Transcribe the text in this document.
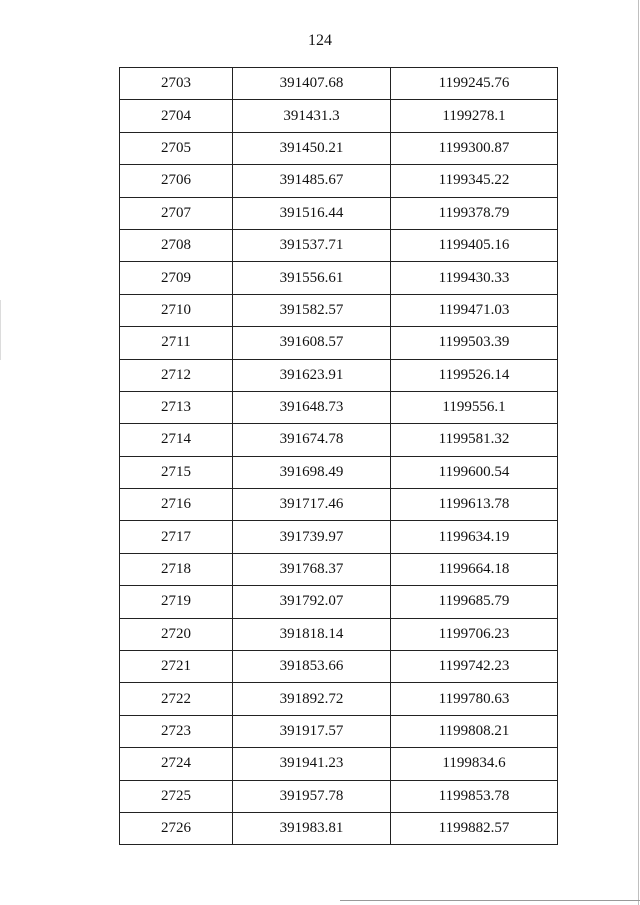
124
2703	391407.68	1199245.76
2704	391431.3	1199278.1
2705	391450.21	1199300.87
2706	391485.67	1199345.22
2707	391516.44	1199378.79
2708	391537.71	1199405.16
2709	391556.61	1199430.33
2710	391582.57	1199471.03
2711	391608.57	1199503.39
2712	391623.91	1199526.14
2713	391648.73	1199556.1
2714	391674.78	1199581.32
2715	391698.49	1199600.54
2716	391717.46	1199613.78
2717	391739.97	1199634.19
2718	391768.37	1199664.18
2719	391792.07	1199685.79
2720	391818.14	1199706.23
2721	391853.66	1199742.23
2722	391892.72	1199780.63
2723	391917.57	1199808.21
2724	391941.23	1199834.6
2725	391957.78	1199853.78
2726	391983.81	1199882.57
